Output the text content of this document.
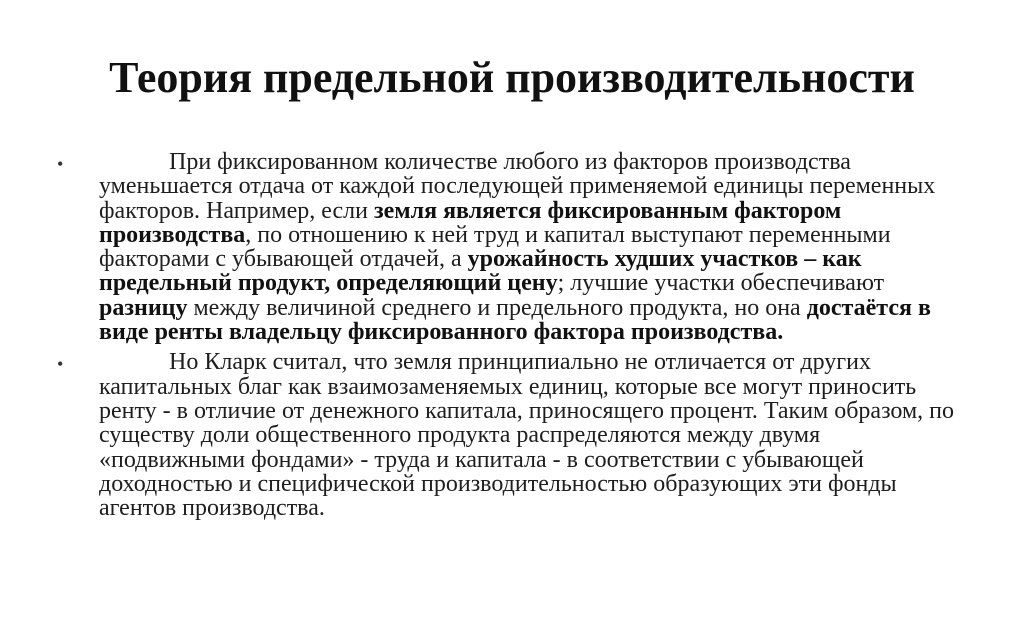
Теория предельной производительности
•	При фиксированном количестве любого из факторов производства уменьшается отдача от каждой последующей применяемой единицы переменных факторов. Например, если земля является фиксированным фактором производства, по отношению к ней труд и капитал выступают переменными факторами с убывающей отдачей, а урожайность худших участков – как предельный продукт, определяющий цену; лучшие участки обеспечивают разницу между величиной среднего и предельного продукта, но она достаётся в виде ренты владельцу фиксированного фактора производства.

•	Но Кларк считал, что земля принципиально не отличается от других капитальных благ как взаимозаменяемых единиц, которые все могут приносить ренту - в отличие от денежного капитала, приносящего процент. Таким образом, по существу доли общественного продукта распределяются между двумя «подвижными фондами» - труда и капитала - в соответствии с убывающей доходностью и специфической производительностью образующих эти фонды агентов производства.
